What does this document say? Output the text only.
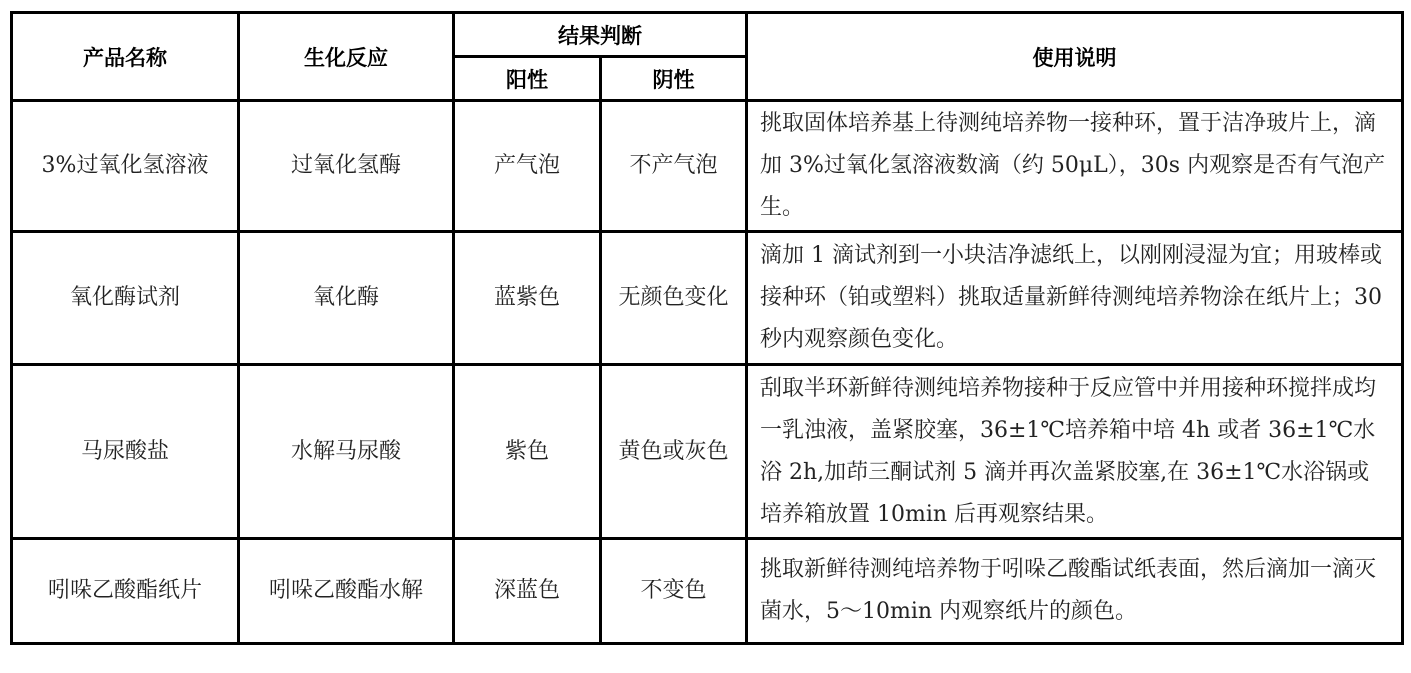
产品名称	生化反应	结果判断		使用说明
		阳性	阴性	
3%过氧化氢溶液	过氧化氢酶	产气泡	不产气泡	挑取固体培养基上待测纯培养物一接种环，置于洁净玻片上，滴加 3%过氧化氢溶液数滴（约 50μL），30s 内观察是否有气泡产生。
氧化酶试剂	氧化酶	蓝紫色	无颜色变化	滴加 1 滴试剂到一小块洁净滤纸上，以刚刚浸湿为宜；用玻棒或接种环（铂或塑料）挑取适量新鲜待测纯培养物涂在纸片上；30 秒内观察颜色变化。
马尿酸盐	水解马尿酸	紫色	黄色或灰色	刮取半环新鲜待测纯培养物接种于反应管中并用接种环搅拌成均一乳浊液，盖紧胶塞，36±1℃培养箱中培 4h 或者 36±1℃水浴 2h,加茚三酮试剂 5 滴并再次盖紧胶塞,在 36±1℃水浴锅或培养箱放置 10min 后再观察结果。
吲哚乙酸酯纸片	吲哚乙酸酯水解	深蓝色	不变色	挑取新鲜待测纯培养物于吲哚乙酸酯试纸表面，然后滴加一滴灭菌水，5～10min 内观察纸片的颜色。
